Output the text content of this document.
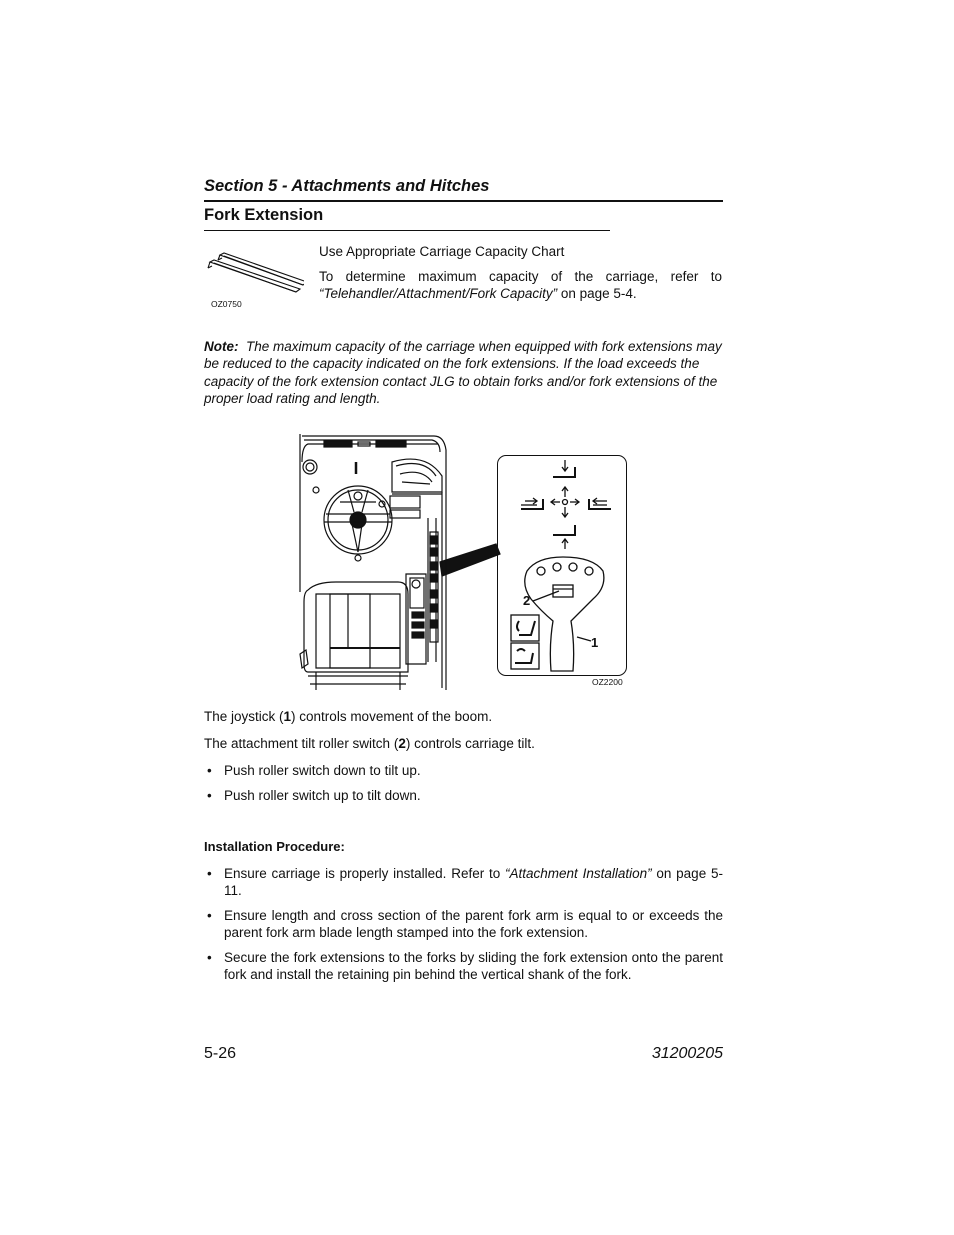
Section 5 - Attachments and Hitches
Fork Extension
OZ0750
Use Appropriate Carriage Capacity Chart
To determine maximum capacity of the carriage, refer to “Telehandler/Attachment/Fork Capacity” on page 5-4.
Note: The maximum capacity of the carriage when equipped with fork extensions may be reduced to the capacity indicated on the fork extensions. If the load exceeds the capacity of the fork extension contact JLG to obtain forks and/or fork extensions of the proper load rating and length.
2
1
OZ2200
The joystick (1) controls movement of the boom.
The attachment tilt roller switch (2) controls carriage tilt.
• Push roller switch down to tilt up.
• Push roller switch up to tilt down.
Installation Procedure:
• Ensure carriage is properly installed. Refer to “Attachment Installation” on page 5-11.
• Ensure length and cross section of the parent fork arm is equal to or exceeds the parent fork arm blade length stamped into the fork extension.
• Secure the fork extensions to the forks by sliding the fork extension onto the parent fork and install the retaining pin behind the vertical shank of the fork.
5-26	31200205
